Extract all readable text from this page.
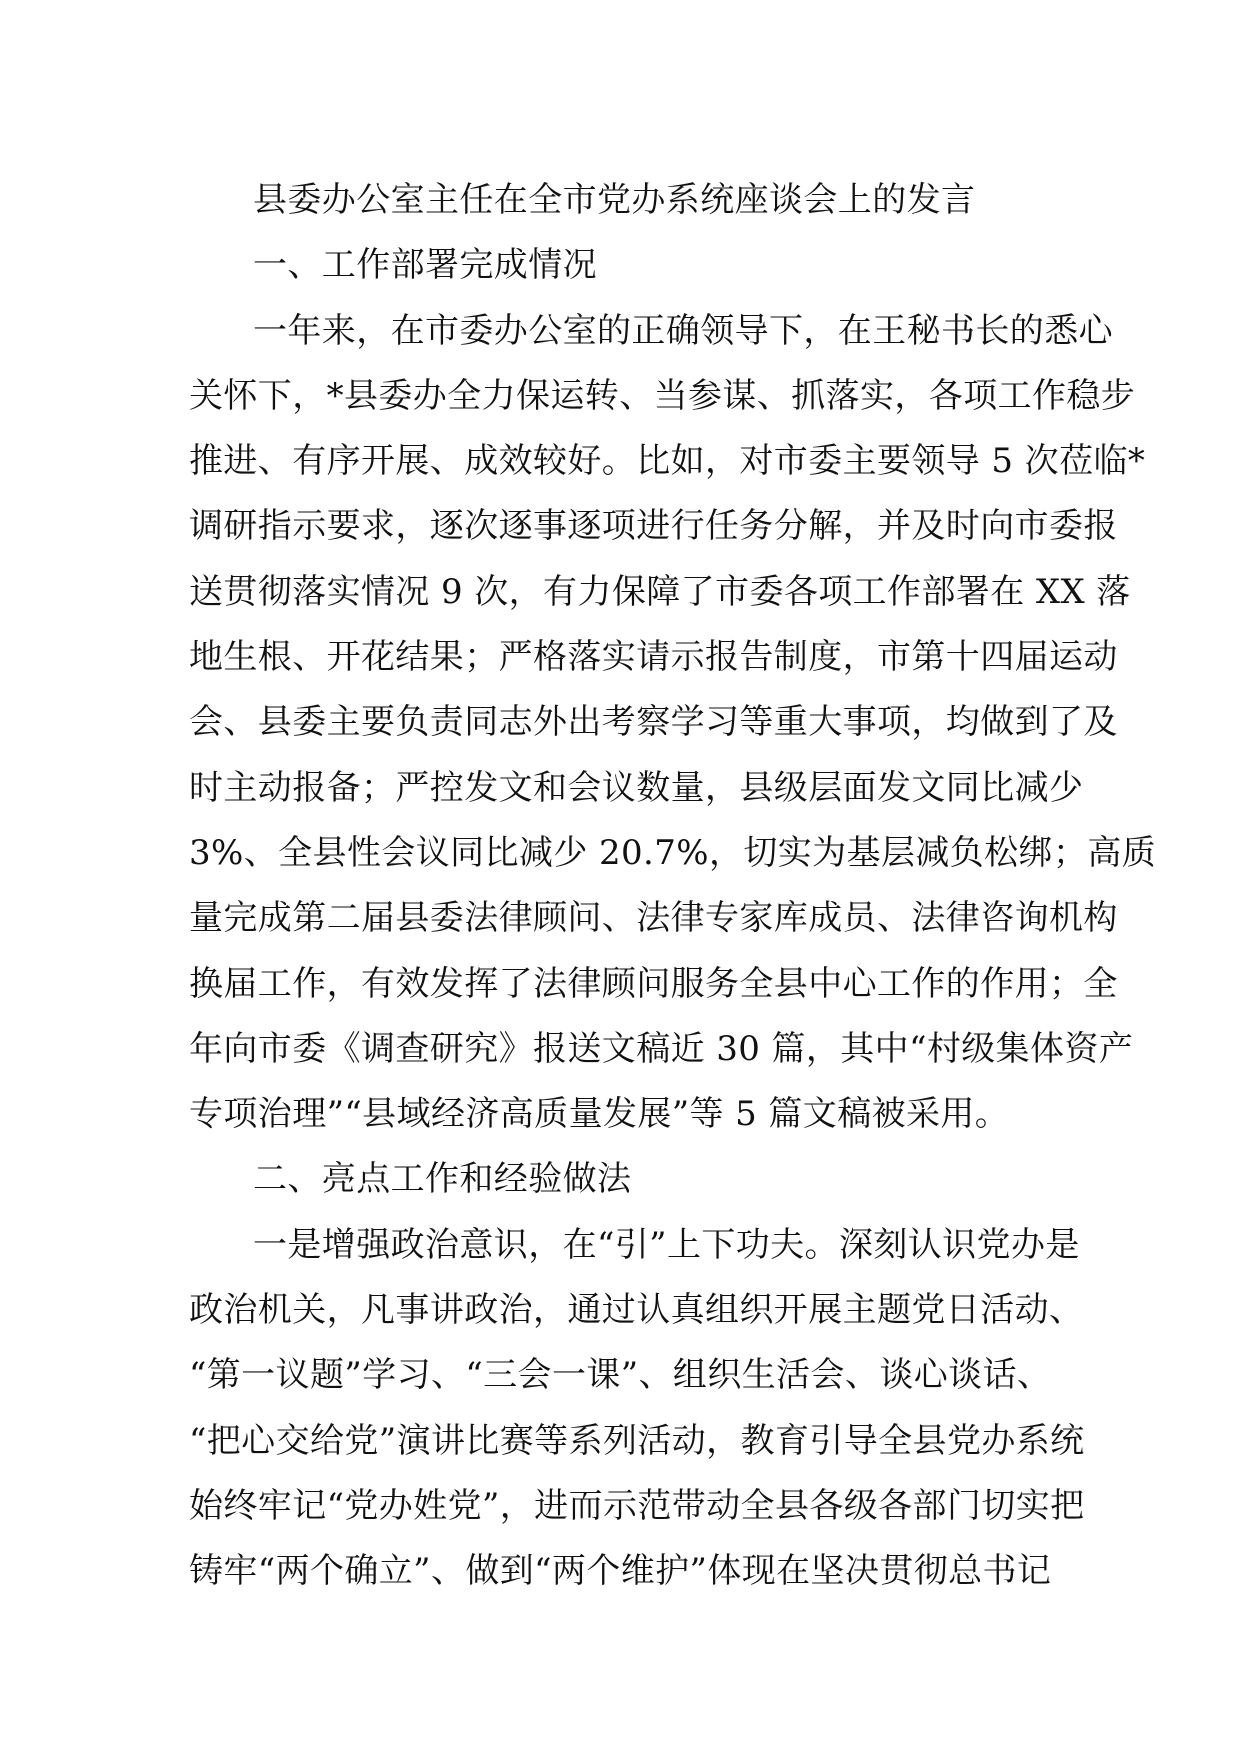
县委办公室主任在全市党办系统座谈会上的发言
一、工作部署完成情况
一年来，在市委办公室的正确领导下，在王秘书长的悉心
关怀下，*县委办全力保运转、当参谋、抓落实，各项工作稳步
推进、有序开展、成效较好。比如，对市委主要领导 5 次莅临*
调研指示要求，逐次逐事逐项进行任务分解，并及时向市委报
送贯彻落实情况 9 次，有力保障了市委各项工作部署在 XX 落
地生根、开花结果；严格落实请示报告制度，市第十四届运动
会、县委主要负责同志外出考察学习等重大事项，均做到了及
时主动报备；严控发文和会议数量，县级层面发文同比减少
3%、全县性会议同比减少 20.7%，切实为基层减负松绑；高质
量完成第二届县委法律顾问、法律专家库成员、法律咨询机构
换届工作，有效发挥了法律顾问服务全县中心工作的作用；全
年向市委《调查研究》报送文稿近 30 篇，其中“村级集体资产
专项治理”“县域经济高质量发展”等 5 篇文稿被采用。
二、亮点工作和经验做法
一是增强政治意识，在“引”上下功夫。深刻认识党办是
政治机关，凡事讲政治，通过认真组织开展主题党日活动、
“第一议题”学习、“三会一课”、组织生活会、谈心谈话、
“把心交给党”演讲比赛等系列活动，教育引导全县党办系统
始终牢记“党办姓党”，进而示范带动全县各级各部门切实把
铸牢“两个确立”、做到“两个维护”体现在坚决贯彻总书记
